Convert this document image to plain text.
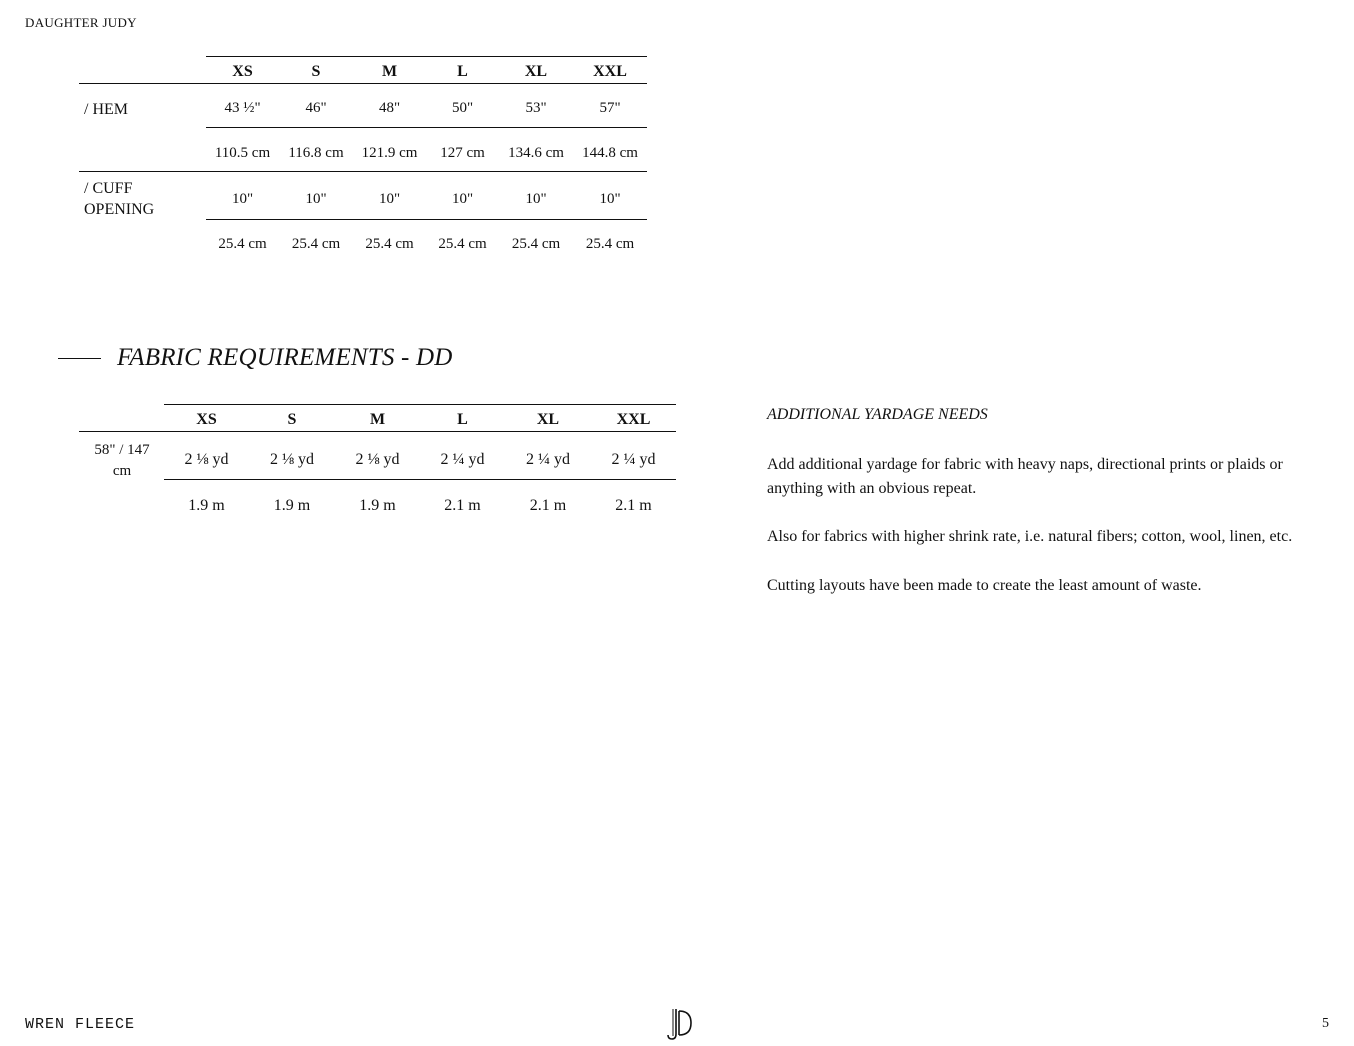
DAUGHTER JUDY
XS	S	M	L	XL	XXL
/ HEM	43 ½"	46"	48"	50"	53"	57"
110.5 cm	116.8 cm	121.9 cm	127 cm	134.6 cm	144.8 cm
/ CUFF
OPENING
10"	10"	10"	10"	10"	10"
25.4 cm	25.4 cm	25.4 cm	25.4 cm	25.4 cm	25.4 cm
FABRIC REQUIREMENTS - DD
XS	S	M	L	XL	XXL
58" / 147
cm
2 ⅛ yd	2 ⅛ yd	2 ⅛ yd	2 ¼ yd	2 ¼ yd	2 ¼ yd
1.9 m	1.9 m	1.9 m	2.1 m	2.1 m	2.1 m
ADDITIONAL YARDAGE NEEDS
Add additional yardage for fabric with heavy naps, directional prints or plaids or anything with an obvious repeat.
Also for fabrics with higher shrink rate, i.e. natural fibers; cotton, wool, linen, etc.
Cutting layouts have been made to create the least amount of waste.
WREN FLEECE	5
